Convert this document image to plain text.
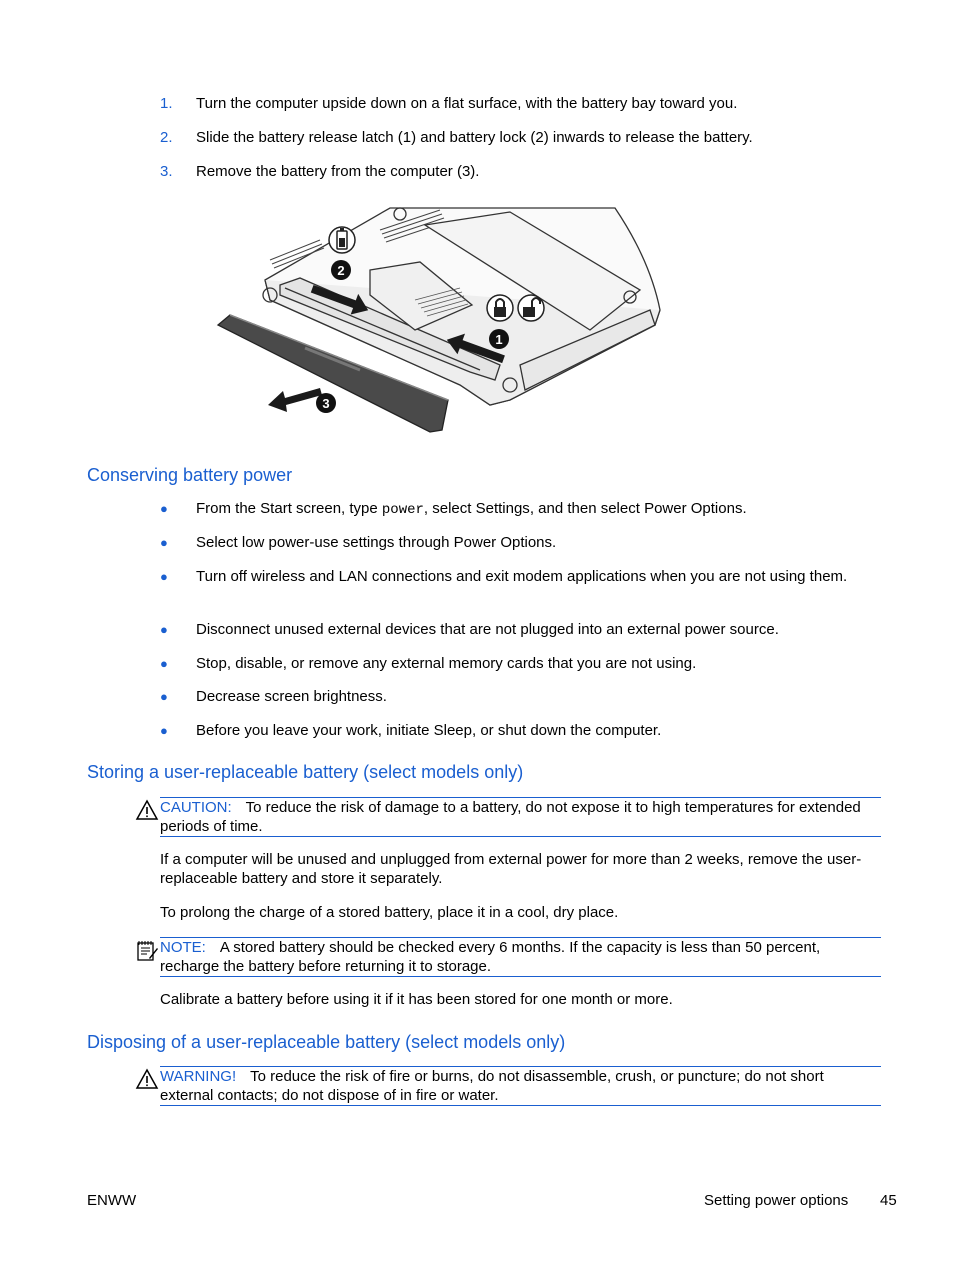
1.	Turn the computer upside down on a flat surface, with the battery bay toward you.
2.	Slide the battery release latch (1) and battery lock (2) inwards to release the battery.
3.	Remove the battery from the computer (3).
2
1
3
Conserving battery power
● From the Start screen, type power, select Settings, and then select Power Options.
● Select low power-use settings through Power Options.
● Turn off wireless and LAN connections and exit modem applications when you are not using them.
● Disconnect unused external devices that are not plugged into an external power source.
● Stop, disable, or remove any external memory cards that you are not using.
● Decrease screen brightness.
● Before you leave your work, initiate Sleep, or shut down the computer.
Storing a user-replaceable battery (select models only)
CAUTION: To reduce the risk of damage to a battery, do not expose it to high temperatures for extended periods of time.
If a computer will be unused and unplugged from external power for more than 2 weeks, remove the user-replaceable battery and store it separately.
To prolong the charge of a stored battery, place it in a cool, dry place.
NOTE: A stored battery should be checked every 6 months. If the capacity is less than 50 percent, recharge the battery before returning it to storage.
Calibrate a battery before using it if it has been stored for one month or more.
Disposing of a user-replaceable battery (select models only)
WARNING! To reduce the risk of fire or burns, do not disassemble, crush, or puncture; do not short external contacts; do not dispose of in fire or water.
ENWW	Setting power options 45
